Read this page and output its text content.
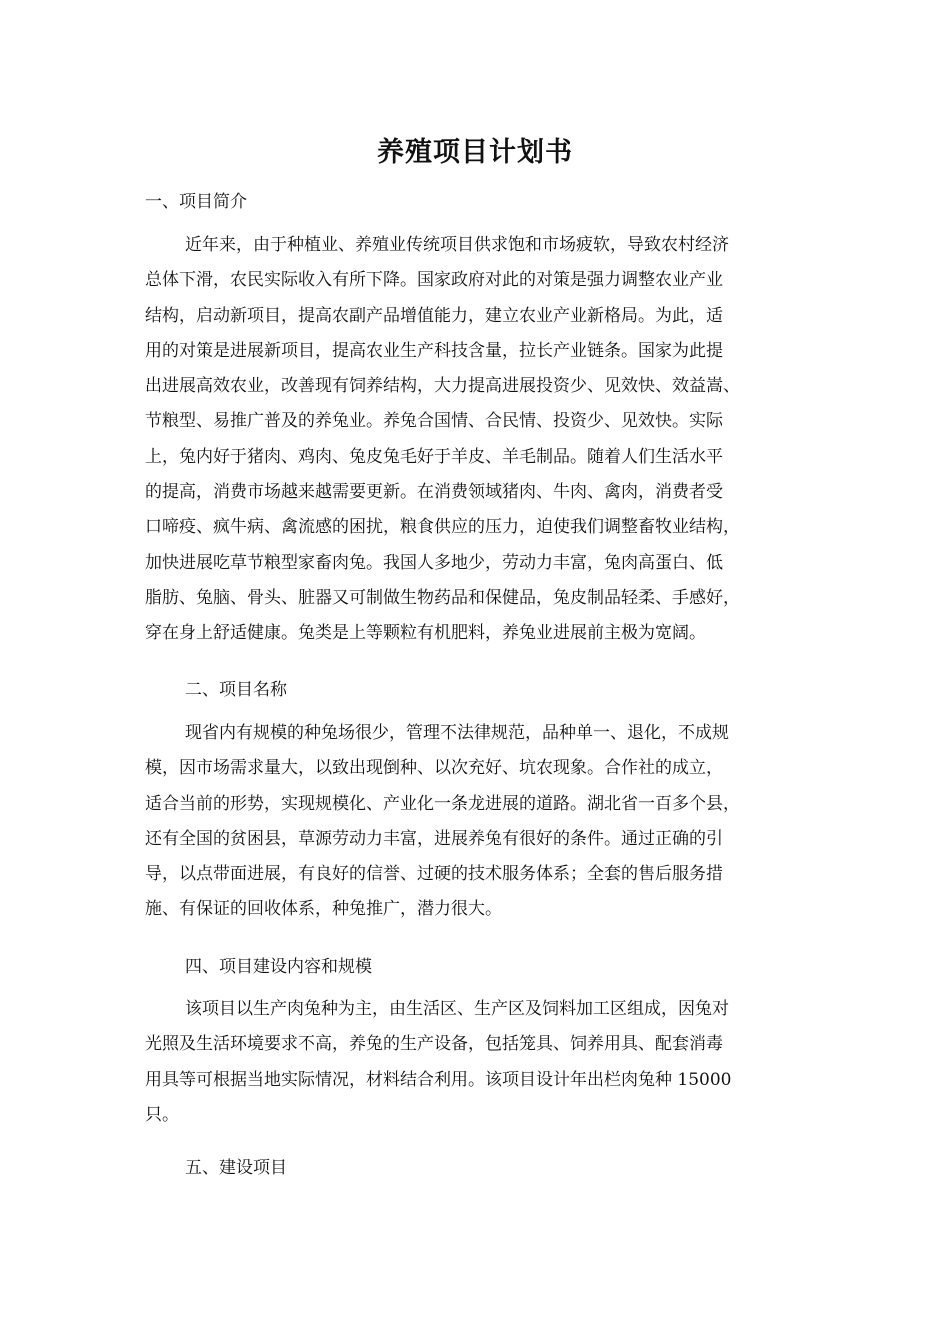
养殖项目计划书
一、项目简介
近年来，由于种植业、养殖业传统项目供求饱和市场疲软，导致农村经济
总体下滑，农民实际收入有所下降。国家政府对此的对策是强力调整农业产业
结构，启动新项目，提高农副产品增值能力，建立农业产业新格局。为此，适
用的对策是进展新项目，提高农业生产科技含量，拉长产业链条。国家为此提
出进展高效农业，改善现有饲养结构，大力提高进展投资少、见效快、效益嵩、
节粮型、易推广普及的养兔业。养兔合国情、合民情、投资少、见效快。实际
上，兔内好于猪肉、鸡肉、兔皮兔毛好于羊皮、羊毛制品。随着人们生活水平
的提高，消费市场越来越需要更新。在消费领域猪肉、牛肉、禽肉，消费者受
口啼疫、疯牛病、禽流感的困扰，粮食供应的压力，迫使我们调整畜牧业结构，
加快进展吃草节粮型家畜肉兔。我国人多地少，劳动力丰富，兔肉高蛋白、低
脂肪、兔脑、骨头、脏器又可制做生物药品和保健品，兔皮制品轻柔、手感好，
穿在身上舒适健康。兔类是上等颗粒有机肥料，养兔业进展前主极为宽阔。
二、项目名称
现省内有规模的种兔场很少，管理不法律规范，品种单一、退化，不成规
模，因市场需求量大，以致出现倒种、以次充好、坑农现象。合作社的成立，
适合当前的形势，实现规模化、产业化一条龙进展的道路。湖北省一百多个县，
还有全国的贫困县，草源劳动力丰富，进展养兔有很好的条件。通过正确的引
导，以点带面进展，有良好的信誉、过硬的技术服务体系；全套的售后服务措
施、有保证的回收体系，种兔推广，潜力很大。
四、项目建设内容和规模
该项目以生产肉兔种为主，由生活区、生产区及饲料加工区组成，因兔对
光照及生活环境要求不高，养兔的生产设备，包括笼具、饲养用具、配套消毒
用具等可根据当地实际情况，材料结合利用。该项目设计年出栏肉兔种 15000
只。
五、建设项目
